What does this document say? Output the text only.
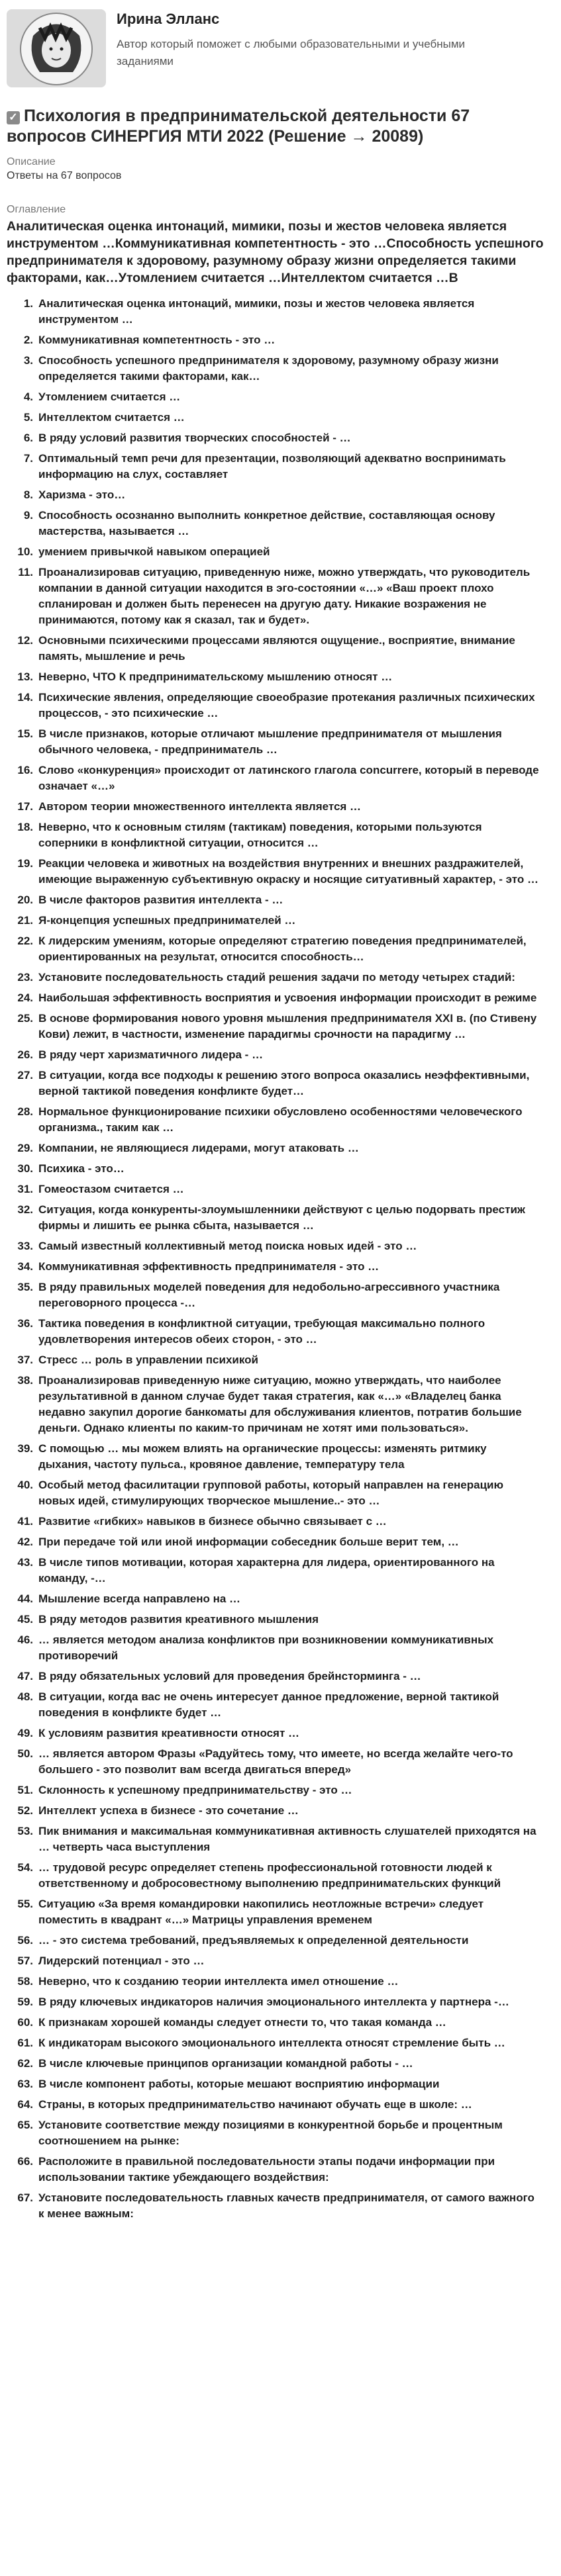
Ирина Элланс
Автор который поможет с любыми образовательными и учебными заданиями
✓ Психология в предпринимательской деятельности 67 вопросов СИНЕРГИЯ МТИ 2022 (Решение → 20089)
Описание
Ответы на 67 вопросов
Оглавление
Аналитическая оценка интонаций, мимики, позы и жестов человека является инструментом …Коммуникативная компетентность - это …Способность успешного предпринимателя к здоровому, разумному образу жизни определяется такими факторами, как…Утомлением считается …Интеллектом считается …В
1. Аналитическая оценка интонаций, мимики, позы и жестов человека является инструментом …
2. Коммуникативная компетентность - это …
3. Способность успешного предпринимателя к здоровому, разумному образу жизни определяется такими факторами, как…
4. Утомлением считается …
5. Интеллектом считается …
6. В ряду условий развития творческих способностей - …
7. Оптимальный темп речи для презентации, позволяющий адекватно воспринимать информацию на слух, составляет
8. Харизма - это…
9. Способность осознанно выполнить конкретное действие, составляющая основу мастерства, называется …
10. умением привычкой навыком операцией
11. Проанализировав ситуацию, приведенную ниже, можно утверждать, что руководитель компании в данной ситуации находится в эго-состоянии «…» «Ваш проект плохо спланирован и должен быть перенесен на другую дату. Никакие возражения не принимаются, потому как я сказал, так и будет».
12. Основными психическими процессами являются ощущение., восприятие, внимание память, мышление и речь
13. Неверно, ЧТО К предпринимательскому мышлению относят …
14. Психические явления, определяющие своеобразие протекания различных психических процессов, - это психические …
15. В числе признаков, которые отличают мышление предпринимателя от мышления обычного человека, - предприниматель …
16. Слово «конкуренция» происходит от латинского глагола concurrere, который в переводе означает «…»
17. Автором теории множественного интеллекта является …
18. Неверно, что к основным стилям (тактикам) поведения, которыми пользуются соперники в конфликтной ситуации, относится …
19. Реакции человека и животных на воздействия внутренних и внешних раздражителей, имеющие выраженную субъективную окраску и носящие ситуативный характер, - это …
20. В числе факторов развития интеллекта - …
21. Я-концепция успешных предпринимателей …
22. К лидерским умениям, которые определяют стратегию поведения предпринимателей, ориентированных на результат, относится способность…
23. Установите последовательность стадий решения задачи по методу четырех стадий:
24. Наибольшая эффективность восприятия и усвоения информации происходит в режиме
25. В основе формирования нового уровня мышления предпринимателя XXI в. (по Стивену Кови) лежит, в частности, изменение парадигмы срочности на парадигму …
26. В ряду черт харизматичного лидера - …
27. В ситуации, когда все подходы к решению этого вопроса оказались неэффективными, верной тактикой поведения конфликте будет…
28. Нормальное функционирование психики обусловлено особенностями человеческого организма., таким как …
29. Компании, не являющиеся лидерами, могут атаковать …
30. Психика - это…
31. Гомеостазом считается …
32. Ситуация, когда конкуренты-злоумышленники действуют с целью подорвать престиж фирмы и лишить ее рынка сбыта, называется …
33. Самый известный коллективный метод поиска новых идей - это …
34. Коммуникативная эффективность предпринимателя - это …
35. В ряду правильных моделей поведения для недобольно-агрессивного участника переговорного процесса -…
36. Тактика поведения в конфликтной ситуации, требующая максимально полного удовлетворения интересов обеих сторон, - это …
37. Стресс … роль в управлении психикой
38. Проанализировав приведенную ниже ситуацию, можно утверждать, что наиболее результативной в данном случае будет такая стратегия, как «…» «Владелец банка недавно закупил дорогие банкоматы для обслуживания клиентов, потратив большие деньги. Однако клиенты по каким-то причинам не хотят ими пользоваться».
39. С помощью … мы можем влиять на органические процессы: изменять ритмику дыхания, частоту пульса., кровяное давление, температуру тела
40. Особый метод фасилитации групповой работы, который направлен на генерацию новых идей, стимулирующих творческое мышление..- это …
41. Развитие «гибких» навыков в бизнесе обычно связывает с …
42. При передаче той или иной информации собеседник больше верит тем, …
43. В числе типов мотивации, которая характерна для лидера, ориентированного на команду, -…
44. Мышление всегда направлено на …
45. В ряду методов развития креативного мышления
46. … является методом анализа конфликтов при возникновении коммуникативных противоречий
47. В ряду обязательных условий для проведения брейнсторминга - …
48. В ситуации, когда вас не очень интересует данное предложение, верной тактикой поведения в конфликте будет …
49. К условиям развития креативности относят …
50. … является автором Фразы «Радуйтесь тому, что имеете, но всегда желайте чего-то большего - это позволит вам всегда двигаться вперед»
51. Склонность к успешному предпринимательству - это …
52. Интеллект успеха в бизнесе - это сочетание …
53. Пик внимания и максимальная коммуникативная активность слушателей приходятся на … четверть часа выступления
54. … трудовой ресурс определяет степень профессиональной готовности людей к ответственному и добросовестному выполнению предпринимательских функций
55. Ситуацию «За время командировки накопились неотложные встречи» следует поместить в квадрант «…» Матрицы управления временем
56. … - это система требований, предъявляемых к определенной деятельности
57. Лидерский потенциал - это …
58. Неверно, что к созданию теории интеллекта имел отношение …
59. В ряду ключевых индикаторов наличия эмоционального интеллекта у партнера -…
60. К признакам хорошей команды следует отнести то, что такая команда …
61. К индикаторам высокого эмоционального интеллекта относят стремление быть …
62. В числе ключевые принципов организации командной работы - …
63. В числе компонент работы, которые мешают восприятию информации
64. Страны, в которых предпринимательство начинают обучать еще в школе: …
65. Установите соответствие между позициями в конкурентной борьбе и процентным соотношением на рынке:
66. Расположите в правильной последовательности этапы подачи информации при использовании тактике убеждающего воздействия:
67. Установите последовательность главных качеств предпринимателя, от самого важного к менее важным:
